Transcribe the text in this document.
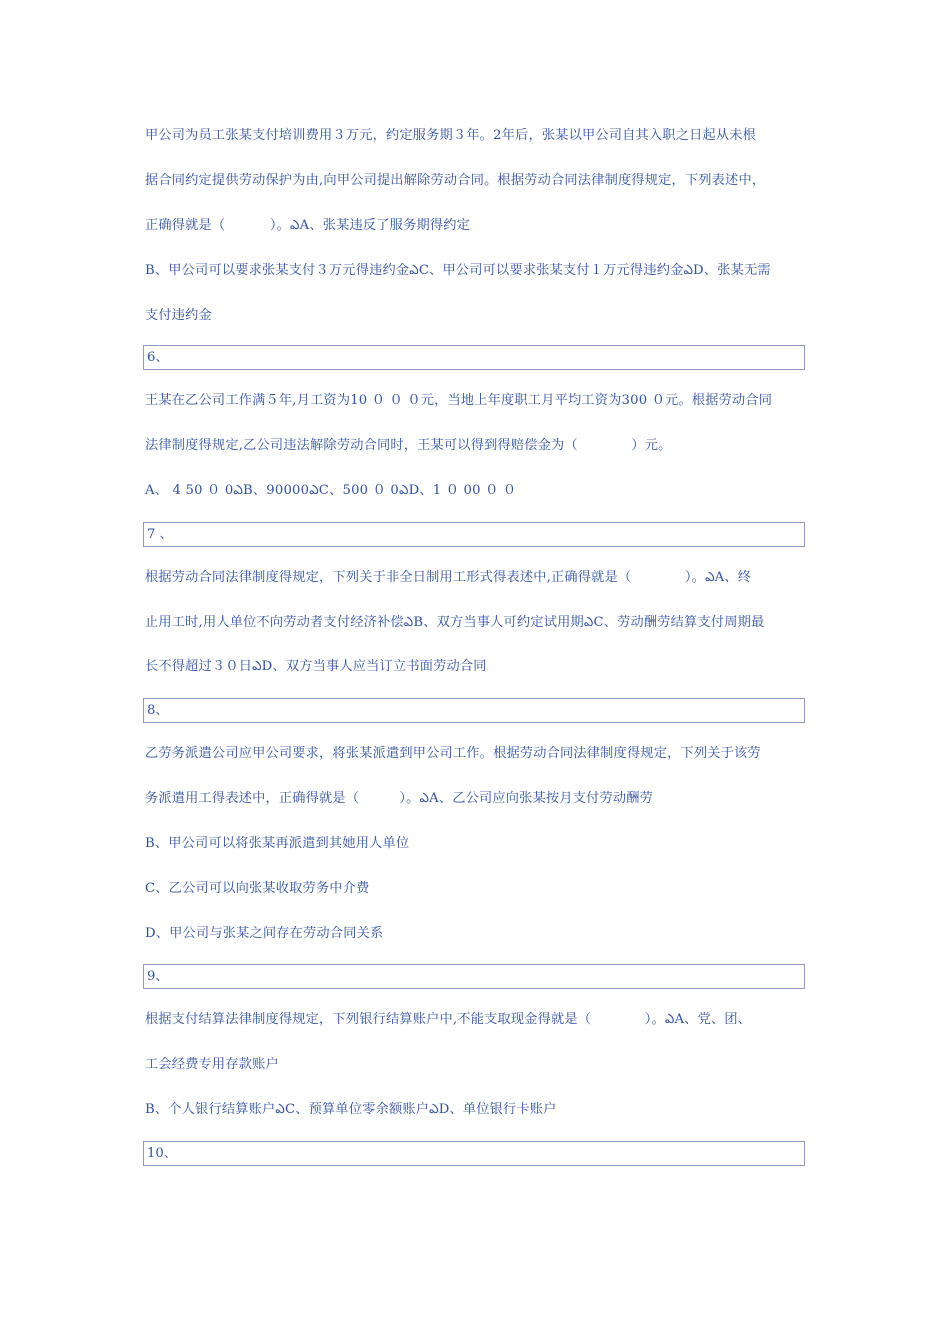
甲公司为员工张某支付培训费用３万元，约定服务期３年。2年后，张某以甲公司自其入职之日起从未根
据合同约定提供劳动保护为由,向甲公司提出解除劳动合同。根据劳动合同法律制度得规定，下列表述中，
正确得就是（　　　 ）。ఎA、张某违反了服务期得约定
B、甲公司可以要求张某支付３万元得违约金ఎC、甲公司可以要求张某支付１万元得违约金ఎD、张某无需
支付违约金
6、
王某在乙公司工作满５年,月工资为10 ０ ０ ０元，当地上年度职工月平均工资为300 ０元。根据劳动合同
法律制度得规定,乙公司违法解除劳动合同时，王某可以得到得赔偿金为（　　　　）元。
A、 4 50 ０ 0ఎB、90000ఎC、500 ０ 0ఎD、1 ０ 00 ０ ０
7 、
根据劳动合同法律制度得规定，下列关于非全日制用工形式得表述中,正确得就是（　　　　）。ఎA、终
止用工时,用人单位不向劳动者支付经济补偿ఎB、双方当事人可约定试用期ఎC、劳动酬劳结算支付周期最
长不得超过３０日ఎD、双方当事人应当订立书面劳动合同
8、
乙劳务派遣公司应甲公司要求，将张某派遣到甲公司工作。根据劳动合同法律制度得规定，下列关于该劳
务派遣用工得表述中，正确得就是（　　　）。ఎA、乙公司应向张某按月支付劳动酬劳
B、甲公司可以将张某再派遣到其她用人单位
C、乙公司可以向张某收取劳务中介费
D、甲公司与张某之间存在劳动合同关系
9、
根据支付结算法律制度得规定，下列银行结算账户中,不能支取现金得就是（　　　　）。ఎA、党、团、
工会经费专用存款账户
B、个人银行结算账户ఎC、预算单位零余额账户ఎD、单位银行卡账户
10、
